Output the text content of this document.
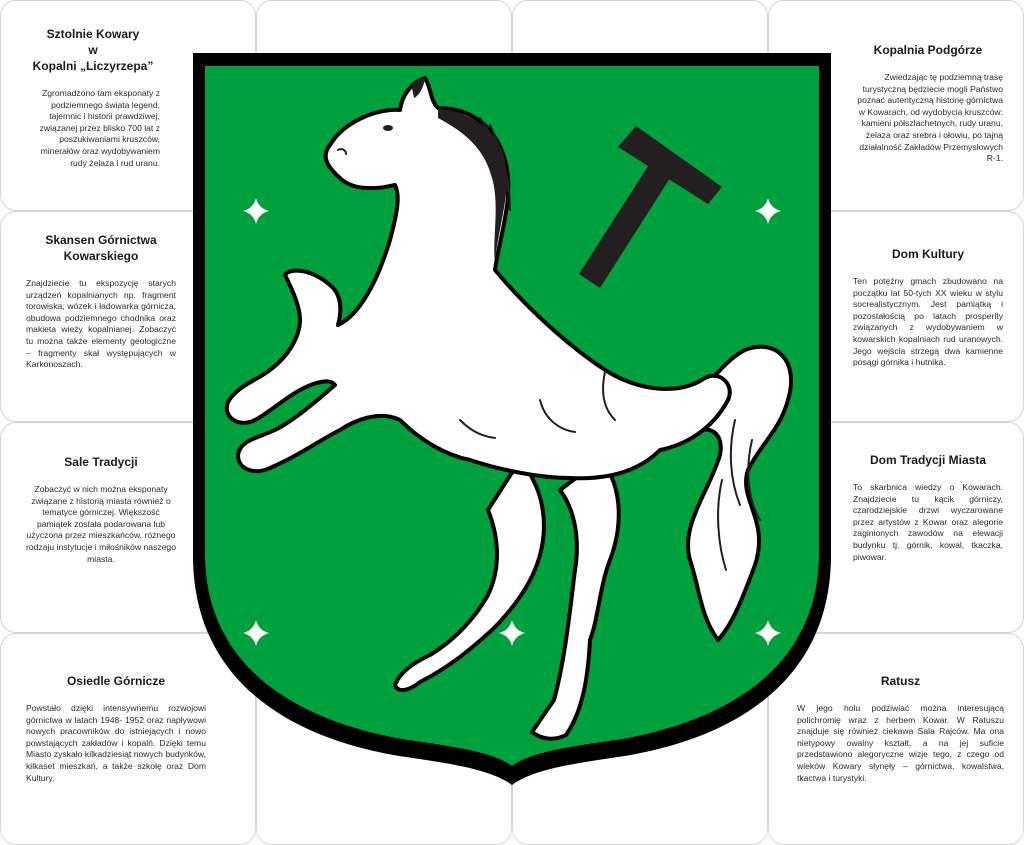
Sztolnie Kowary
w
Kopalni „Liczyrzepa”

Zgromadzono tam eksponaty z podziemnego świata legend, tajemnic i historii prawdziwej, związanej przez blisko 700 lat z poszukiwaniami kruszców, minerałów oraz wydobywaniem rudy żelaza i rud uranu.

Skansen Górnictwa
Kowarskiego

Znajdziecie tu ekspozycję starych urządzeń kopalnianych np. fragment torowiska, wózek i ładowarka górnicza, obudowa podziemnego chodnika oraz makieta wieży kopalnianej. Zobaczyć tu można także elementy geologiczne – fragmenty skał występujących w Karkonoszach.

Sale Tradycji

Zobaczyć w nich można eksponaty związane z historią miasta również o tematyce górniczej. Większość pamiątek została podarowana lub użyczona przez mieszkańców, różnego rodzaju instytucje i miłośników naszego miasta.

Osiedle Górnicze

Powstało dzięki intensywnemu rozwojowi górnictwa w latach 1948- 1952 oraz napływowi nowych pracowników do istniejących i nowo powstających zakładów i kopalń. Dzięki temu Miasto zyskało kilkadziesiąt nowych budynków, kilkaset mieszkań, a także szkołę oraz Dom Kultury.

Kopalnia Podgórze

Zwiedzając tę podziemną trasę turystyczną będziecie mogli Państwo poznać autentyczną historię górnictwa w Kowarach, od wydobycia kruszców: kamieni półszlachetnych, rudy uranu, żelaza oraz srebra i ołowiu, po tajną działalność Zakładów Przemysłowych R-1.

Dom Kultury

Ten potężny gmach zbudowano na początku lat 50-tych XX wieku w stylu socrealistycznym. Jest pamiątką i pozostałością po latach prosperity związanych z wydobywaniem w kowarskich kopalniach rud uranowych. Jego wejścia strzegą dwa kamienne posągi górnika i hutnika.

Dom Tradycji Miasta

To skarbnica wiedzy o Kowarach. Znajdziecie tu kącik górniczy, czarodziejskie drzwi wyczarowane przez artystów z Kowar oraz alegorie zaginionych zawodów na elewacji budynku tj. górnik, kowal, tkaczka, piwowar.

Ratusz

W jego holu podziwiać można interesującą polichromię wraz z herbem Kowar. W Ratuszu znajduje się również ciekawa Sala Rajców. Ma ona nietypowy owalny kształt, a na jej suficie przedstawiono alegoryczne wizje tego, z czego od wieków Kowary słynęły – górnictwa, kowalstwa, tkactwa i turystyki.
